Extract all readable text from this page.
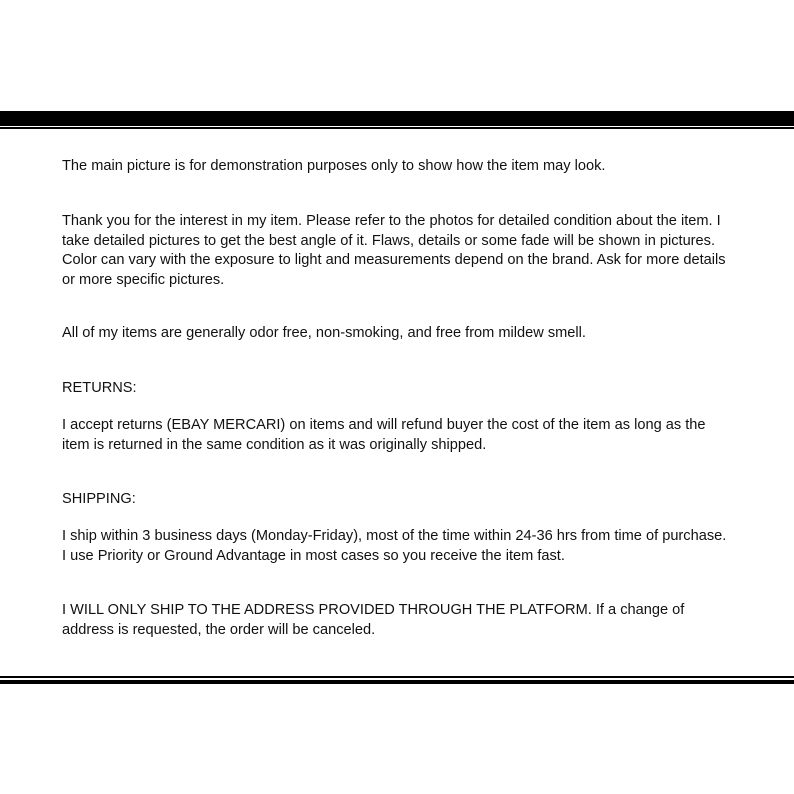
The main picture is for demonstration purposes only to show how the item may look.

Thank you for the interest in my item. Please refer to the photos for detailed condition about the item. I
take detailed pictures to get the best angle of it. Flaws, details or some fade will be shown in pictures.
Color can vary with the exposure to light and measurements depend on the brand. Ask for more details
or more specific pictures.

All of my items are generally odor free, non-smoking, and free from mildew smell.

RETURNS:

I accept returns (EBAY MERCARI) on items and will refund buyer the cost of the item as long as the
item is returned in the same condition as it was originally shipped.

SHIPPING:

I ship within 3 business days (Monday-Friday), most of the time within 24-36 hrs from time of purchase.
I use Priority or Ground Advantage in most cases so you receive the item fast.

I WILL ONLY SHIP TO THE ADDRESS PROVIDED THROUGH THE PLATFORM. If a change of
address is requested, the order will be canceled.
